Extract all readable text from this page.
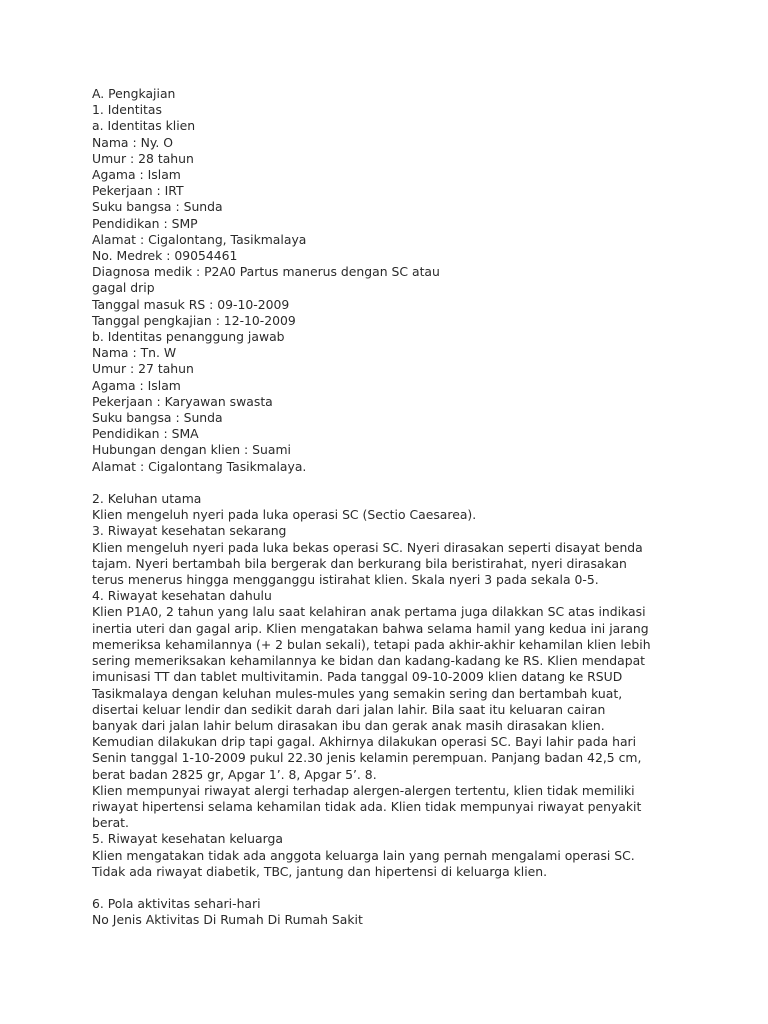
A. Pengkajian
1. Identitas
a. Identitas klien
Nama : Ny. O
Umur : 28 tahun
Agama : Islam
Pekerjaan : IRT
Suku bangsa : Sunda
Pendidikan : SMP
Alamat : Cigalontang, Tasikmalaya
No. Medrek : 09054461
Diagnosa medik : P2A0 Partus manerus dengan SC atau
gagal drip
Tanggal masuk RS : 09-10-2009
Tanggal pengkajian : 12-10-2009
b. Identitas penanggung jawab
Nama : Tn. W
Umur : 27 tahun
Agama : Islam
Pekerjaan : Karyawan swasta
Suku bangsa : Sunda
Pendidikan : SMA
Hubungan dengan klien : Suami
Alamat : Cigalontang Tasikmalaya.
2. Keluhan utama
Klien mengeluh nyeri pada luka operasi SC (Sectio Caesarea).
3. Riwayat kesehatan sekarang
Klien mengeluh nyeri pada luka bekas operasi SC. Nyeri dirasakan seperti disayat benda
tajam. Nyeri bertambah bila bergerak dan berkurang bila beristirahat, nyeri dirasakan
terus menerus hingga mengganggu istirahat klien. Skala nyeri 3 pada sekala 0-5.
4. Riwayat kesehatan dahulu
Klien P1A0, 2 tahun yang lalu saat kelahiran anak pertama juga dilakkan SC atas indikasi
inertia uteri dan gagal arip. Klien mengatakan bahwa selama hamil yang kedua ini jarang
memeriksa kehamilannya (+ 2 bulan sekali), tetapi pada akhir-akhir kehamilan klien lebih
sering memeriksakan kehamilannya ke bidan dan kadang-kadang ke RS. Klien mendapat
imunisasi TT dan tablet multivitamin. Pada tanggal 09-10-2009 klien datang ke RSUD
Tasikmalaya dengan keluhan mules-mules yang semakin sering dan bertambah kuat,
disertai keluar lendir dan sedikit darah dari jalan lahir. Bila saat itu keluaran cairan
banyak dari jalan lahir belum dirasakan ibu dan gerak anak masih dirasakan klien.
Kemudian dilakukan drip tapi gagal. Akhirnya dilakukan operasi SC. Bayi lahir pada hari
Senin tanggal 1-10-2009 pukul 22.30 jenis kelamin perempuan. Panjang badan 42,5 cm,
berat badan 2825 gr, Apgar 1’. 8, Apgar 5’. 8.
Klien mempunyai riwayat alergi terhadap alergen-alergen tertentu, klien tidak memiliki
riwayat hipertensi selama kehamilan tidak ada. Klien tidak mempunyai riwayat penyakit
berat.
5. Riwayat kesehatan keluarga
Klien mengatakan tidak ada anggota keluarga lain yang pernah mengalami operasi SC.
Tidak ada riwayat diabetik, TBC, jantung dan hipertensi di keluarga klien.
6. Pola aktivitas sehari-hari
No Jenis Aktivitas Di Rumah Di Rumah Sakit
